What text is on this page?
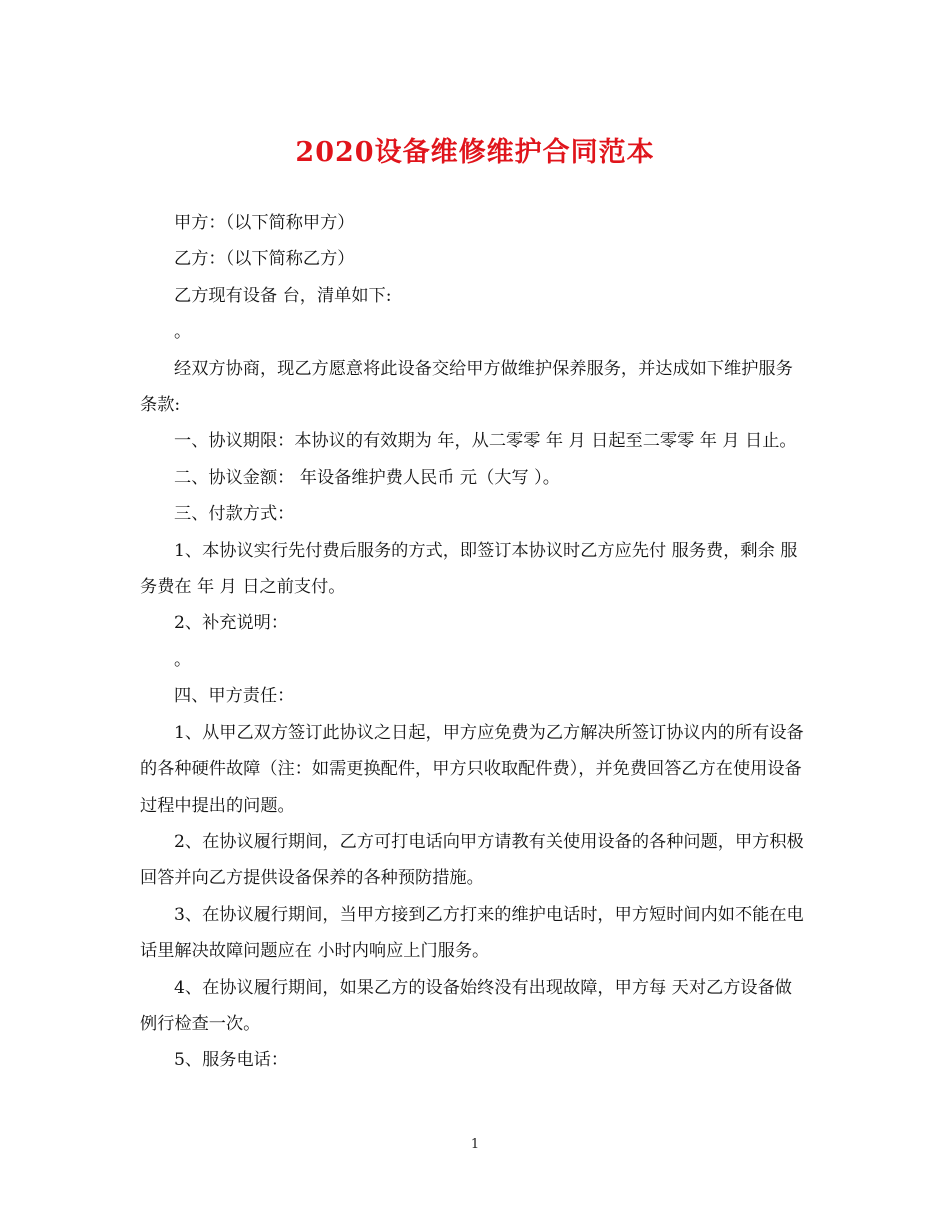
2020设备维修维护合同范本

甲方：（以下简称甲方）

乙方：（以下简称乙方）

乙方现有设备 台，清单如下:

。

经双方协商，现乙方愿意将此设备交给甲方做维护保养服务，并达成如下维护服务条款:

一、协议期限：本协议的有效期为 年，从二零零 年 月 日起至二零零 年 月 日止。

二、协议金额： 年设备维护费人民币 元（大写 ）。

三、付款方式：

1、本协议实行先付费后服务的方式，即签订本协议时乙方应先付 服务费，剩余 服务费在 年 月 日之前支付。

2、补充说明：

。

四、甲方责任：

1、从甲乙双方签订此协议之日起，甲方应免费为乙方解决所签订协议内的所有设备的各种硬件故障（注：如需更换配件，甲方只收取配件费），并免费回答乙方在使用设备过程中提出的问题。

2、在协议履行期间，乙方可打电话向甲方请教有关使用设备的各种问题，甲方积极回答并向乙方提供设备保养的各种预防措施。

3、在协议履行期间，当甲方接到乙方打来的维护电话时，甲方短时间内如不能在电话里解决故障问题应在 小时内响应上门服务。

4、在协议履行期间，如果乙方的设备始终没有出现故障，甲方每 天对乙方设备做例行检查一次。

5、服务电话：

1
